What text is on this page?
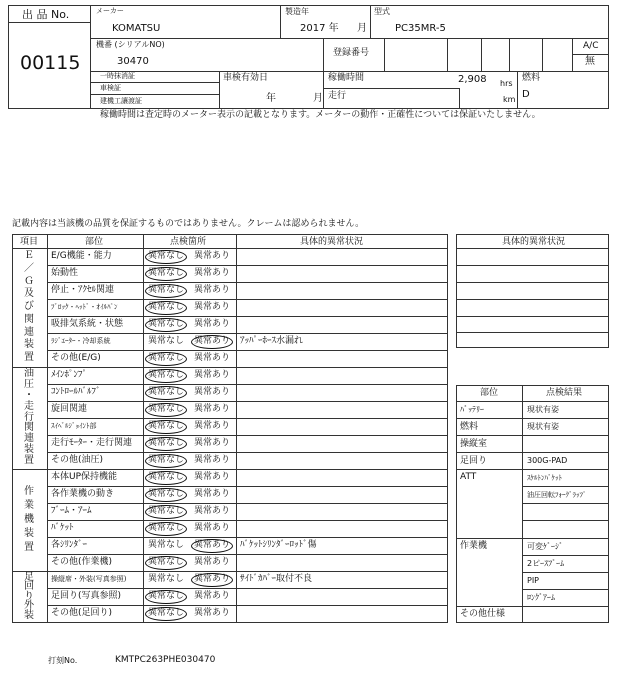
出 品 No.
00115
メーカー
KOMATSU
製造年
2017 年 月
型式
PC35MR-5
機番 (シリアルNO)
30470
登録番号
A/C
無
一時抹消証
車検証
建機工讓渡証
車検有効日
年	月
稼働時間	2,908 hrs
走行	km
燃料
D
稼働時間は査定時のメーター表示の記載となります。メーターの動作・正確性については保証いたしません。
記載内容は当該機の品質を保証するものではありません。クレームは認められません。
項目	部位	点検箇所	具体的異常状況
Ｅ
／
Ｇ
及
び
関
連
装
置
油
圧
・
走
行
関
連
装
置
作
業
機
装
置
足
回
り
外
装
E/G機能・能力	異常なし 異常あり
始動性	異常なし 異常あり
停止・ｱｸｾﾙ関連	異常なし 異常あり
ﾌﾞﾛｯｸ・ﾍｯﾄﾞ・ｵｲﾙﾊﾟﾝ	異常なし 異常あり
吸排気系統・状態	異常なし 異常あり
ﾗｼﾞｴｰﾀｰ・冷却系統	異常なし 異常あり ｱｯﾊﾟｰﾎｰｽ水漏れ
その他(E/G)	異常なし 異常あり
ﾒｲﾝﾎﾟﾝﾌﾟ	異常なし 異常あり
ｺﾝﾄﾛｰﾙﾊﾞﾙﾌﾞ	異常なし 異常あり
旋回関連	異常なし 異常あり
ｽｲﾍﾞﾙｼﾞｮｲﾝﾄ部	異常なし 異常あり
走行ﾓｰﾀｰ・走行関連 異常なし 異常あり
その他(油圧)	異常なし 異常あり
本体UP保持機能	異常なし 異常あり
各作業機の動き	異常なし 異常あり
ﾌﾞｰﾑ・ｱｰﾑ	異常なし 異常あり
ﾊﾞｹｯﾄ	異常なし 異常あり
各ｼﾘﾝﾀﾞｰ	異常なし 異常あり ﾊﾞｹｯﾄｼﾘﾝﾀﾞｰﾛｯﾄﾞ傷
その他(作業機)	異常なし 異常あり
操縦席・外装(写真参照) 異常なし 異常あり ｻｲﾄﾞｶﾊﾞｰ取付不良
足回り(写真参照)	異常なし 異常あり
その他(足回り)	異常なし 異常あり
具体的異常状況
部位	点検結果
ﾊﾞｯﾃﾘｰ	現状有姿
燃料	現状有姿
操縦室
足回り	300G-PAD
ATT	ｽｹﾙﾄﾝﾊﾞｹｯﾄ
油圧回転ﾌｫｰｸﾞﾗｯﾌﾟ
作業機	可変ｹﾞｰｼﾞ
2ピｰｽﾌﾞｰﾑ
PIP
ﾛﾝｸﾞｱｰﾑ
その他仕様
打刻No.	KMTPC263PHE030470
